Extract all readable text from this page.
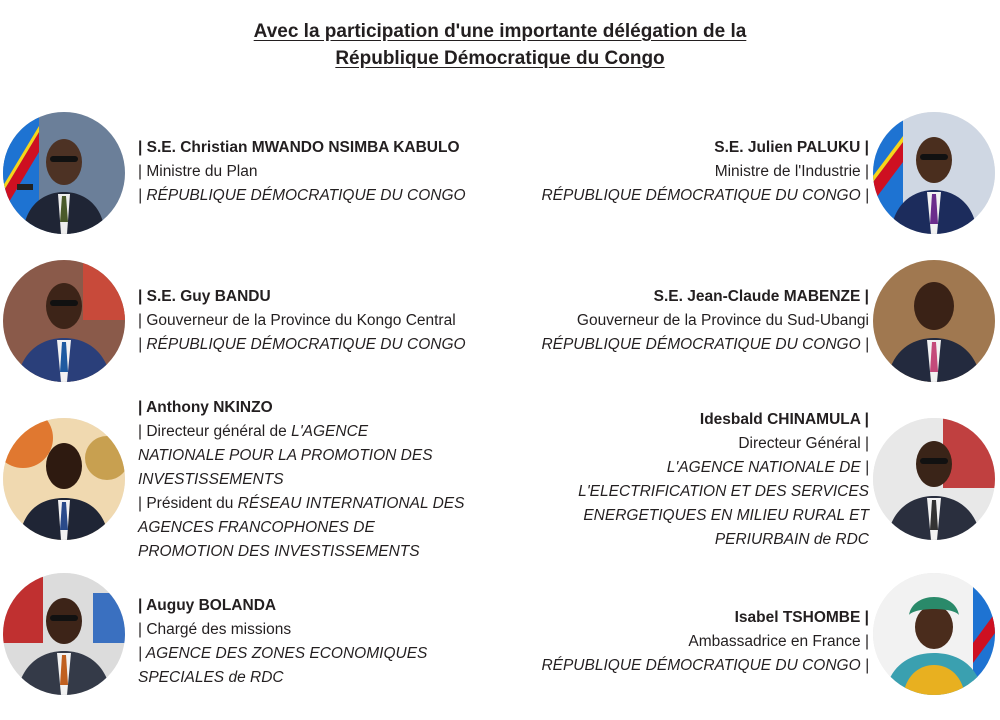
Avec la participation d'une importante délégation de la
République Démocratique du Congo
| S.E. Christian MWANDO NSIMBA KABULO
| Ministre du Plan
| RÉPUBLIQUE DÉMOCRATIQUE DU CONGO
S.E. Julien PALUKU |
Ministre de l'Industrie |
RÉPUBLIQUE DÉMOCRATIQUE DU CONGO |
| S.E. Guy BANDU
| Gouverneur de la Province du Kongo Central
| RÉPUBLIQUE DÉMOCRATIQUE DU CONGO
S.E. Jean-Claude MABENZE |
Gouverneur de la Province du Sud-Ubangi
RÉPUBLIQUE DÉMOCRATIQUE DU CONGO |
| Anthony NKINZO
| Directeur général de L'AGENCE
NATIONALE POUR LA PROMOTION DES
INVESTISSEMENTS
| Président du RÉSEAU INTERNATIONAL DES
AGENCES FRANCOPHONES DE
PROMOTION DES INVESTISSEMENTS
Idesbald CHINAMULA |
Directeur Général |
L'AGENCE NATIONALE DE |
L'ELECTRIFICATION ET DES SERVICES
ENERGETIQUES EN MILIEU RURAL ET
PERIURBAIN de RDC
| Auguy BOLANDA
| Chargé des missions
| AGENCE DES ZONES ECONOMIQUES
SPECIALES de RDC
Isabel TSHOMBE |
Ambassadrice en France |
RÉPUBLIQUE DÉMOCRATIQUE DU CONGO |
